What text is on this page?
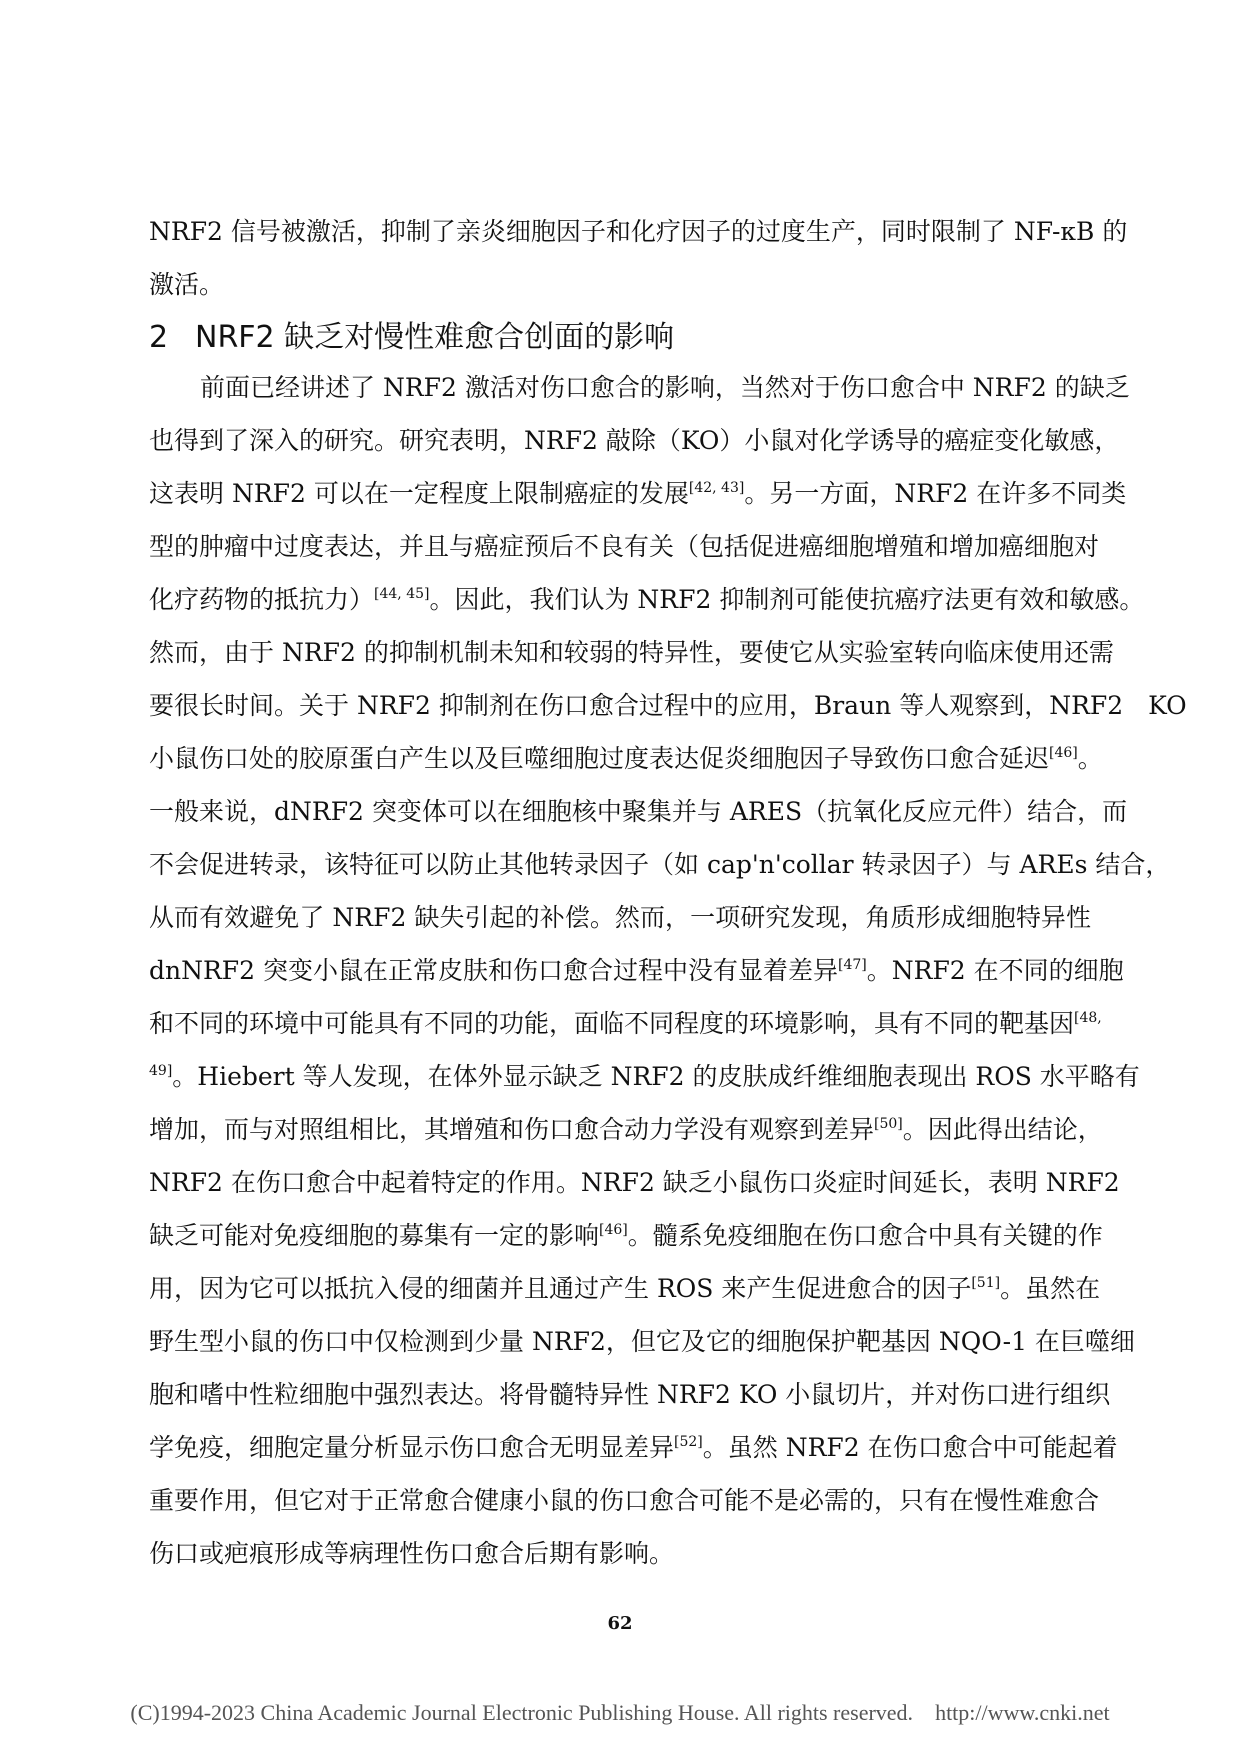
NRF2 信号被激活，抑制了亲炎细胞因子和化疗因子的过度生产，同时限制了 NF-κB 的
激活。
2 NRF2 缺乏对慢性难愈合创面的影响
前面已经讲述了 NRF2 激活对伤口愈合的影响，当然对于伤口愈合中 NRF2 的缺乏
也得到了深入的研究。研究表明，NRF2 敲除（KO）小鼠对化学诱导的癌症变化敏感，
这表明 NRF2 可以在一定程度上限制癌症的发展[42, 43]。另一方面，NRF2 在许多不同类
型的肿瘤中过度表达，并且与癌症预后不良有关（包括促进癌细胞增殖和增加癌细胞对
化疗药物的抵抗力）[44, 45]。因此，我们认为 NRF2 抑制剂可能使抗癌疗法更有效和敏感。
然而，由于 NRF2 的抑制机制未知和较弱的特异性，要使它从实验室转向临床使用还需
要很长时间。关于 NRF2 抑制剂在伤口愈合过程中的应用，Braun 等人观察到，NRF2　KO
小鼠伤口处的胶原蛋白产生以及巨噬细胞过度表达促炎细胞因子导致伤口愈合延迟[46]。
一般来说，dNRF2 突变体可以在细胞核中聚集并与 ARES（抗氧化反应元件）结合，而
不会促进转录，该特征可以防止其他转录因子（如 cap'n'collar 转录因子）与 AREs 结合，
从而有效避免了 NRF2 缺失引起的补偿。然而，一项研究发现，角质形成细胞特异性
dnNRF2 突变小鼠在正常皮肤和伤口愈合过程中没有显着差异[47]。NRF2 在不同的细胞
和不同的环境中可能具有不同的功能，面临不同程度的环境影响，具有不同的靶基因$^{[48,}$
$^{49]}$。Hiebert 等人发现，在体外显示缺乏 NRF2 的皮肤成纤维细胞表现出 ROS 水平略有
增加，而与对照组相比，其增殖和伤口愈合动力学没有观察到差异[50]。因此得出结论，
NRF2 在伤口愈合中起着特定的作用。NRF2 缺乏小鼠伤口炎症时间延长，表明 NRF2
缺乏可能对免疫细胞的募集有一定的影响[46]。髓系免疫细胞在伤口愈合中具有关键的作
用，因为它可以抵抗入侵的细菌并且通过产生 ROS 来产生促进愈合的因子[51]。虽然在
野生型小鼠的伤口中仅检测到少量 NRF2，但它及它的细胞保护靶基因 NQO-1 在巨噬细
胞和嗜中性粒细胞中强烈表达。将骨髓特异性 NRF2 KO 小鼠切片，并对伤口进行组织
学免疫，细胞定量分析显示伤口愈合无明显差异[52]。虽然 NRF2 在伤口愈合中可能起着
重要作用，但它对于正常愈合健康小鼠的伤口愈合可能不是必需的，只有在慢性难愈合
伤口或疤痕形成等病理性伤口愈合后期有影响。
62
(C)1994-2023 China Academic Journal Electronic Publishing House. All rights reserved. http://www.cnki.net
